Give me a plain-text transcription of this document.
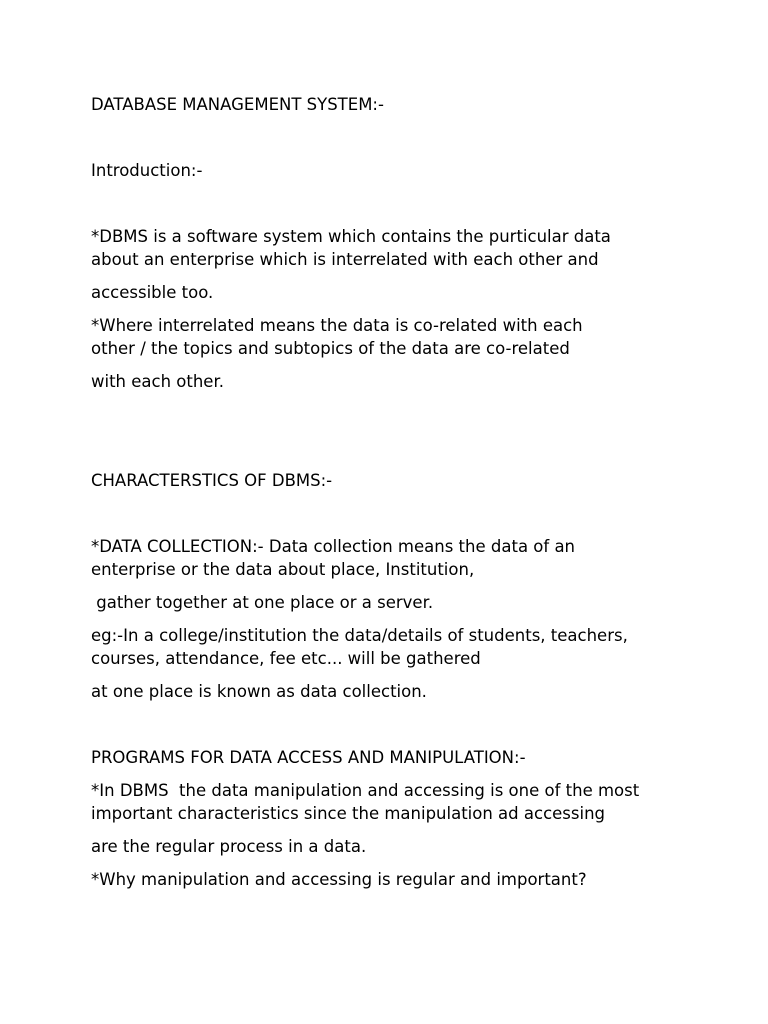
DATABASE MANAGEMENT SYSTEM:-

Introduction:-

*DBMS is a software system which contains the purticular data

about an enterprise which is interrelated with each other and

accessible too.

*Where interrelated means the data is co-related with each

other / the topics and subtopics of the data are co-related

with each other.

CHARACTERSTICS OF DBMS:-

*DATA COLLECTION:- Data collection means the data of an

enterprise or the data about place, Institution,

gather together at one place or a server.

eg:-In a college/institution the data/details of students, teachers,

courses, attendance, fee etc... will be gathered

at one place is known as data collection.

PROGRAMS FOR DATA ACCESS AND MANIPULATION:-

*In DBMS  the data manipulation and accessing is one of the most

important characteristics since the manipulation ad accessing

are the regular process in a data.

*Why manipulation and accessing is regular and important?
